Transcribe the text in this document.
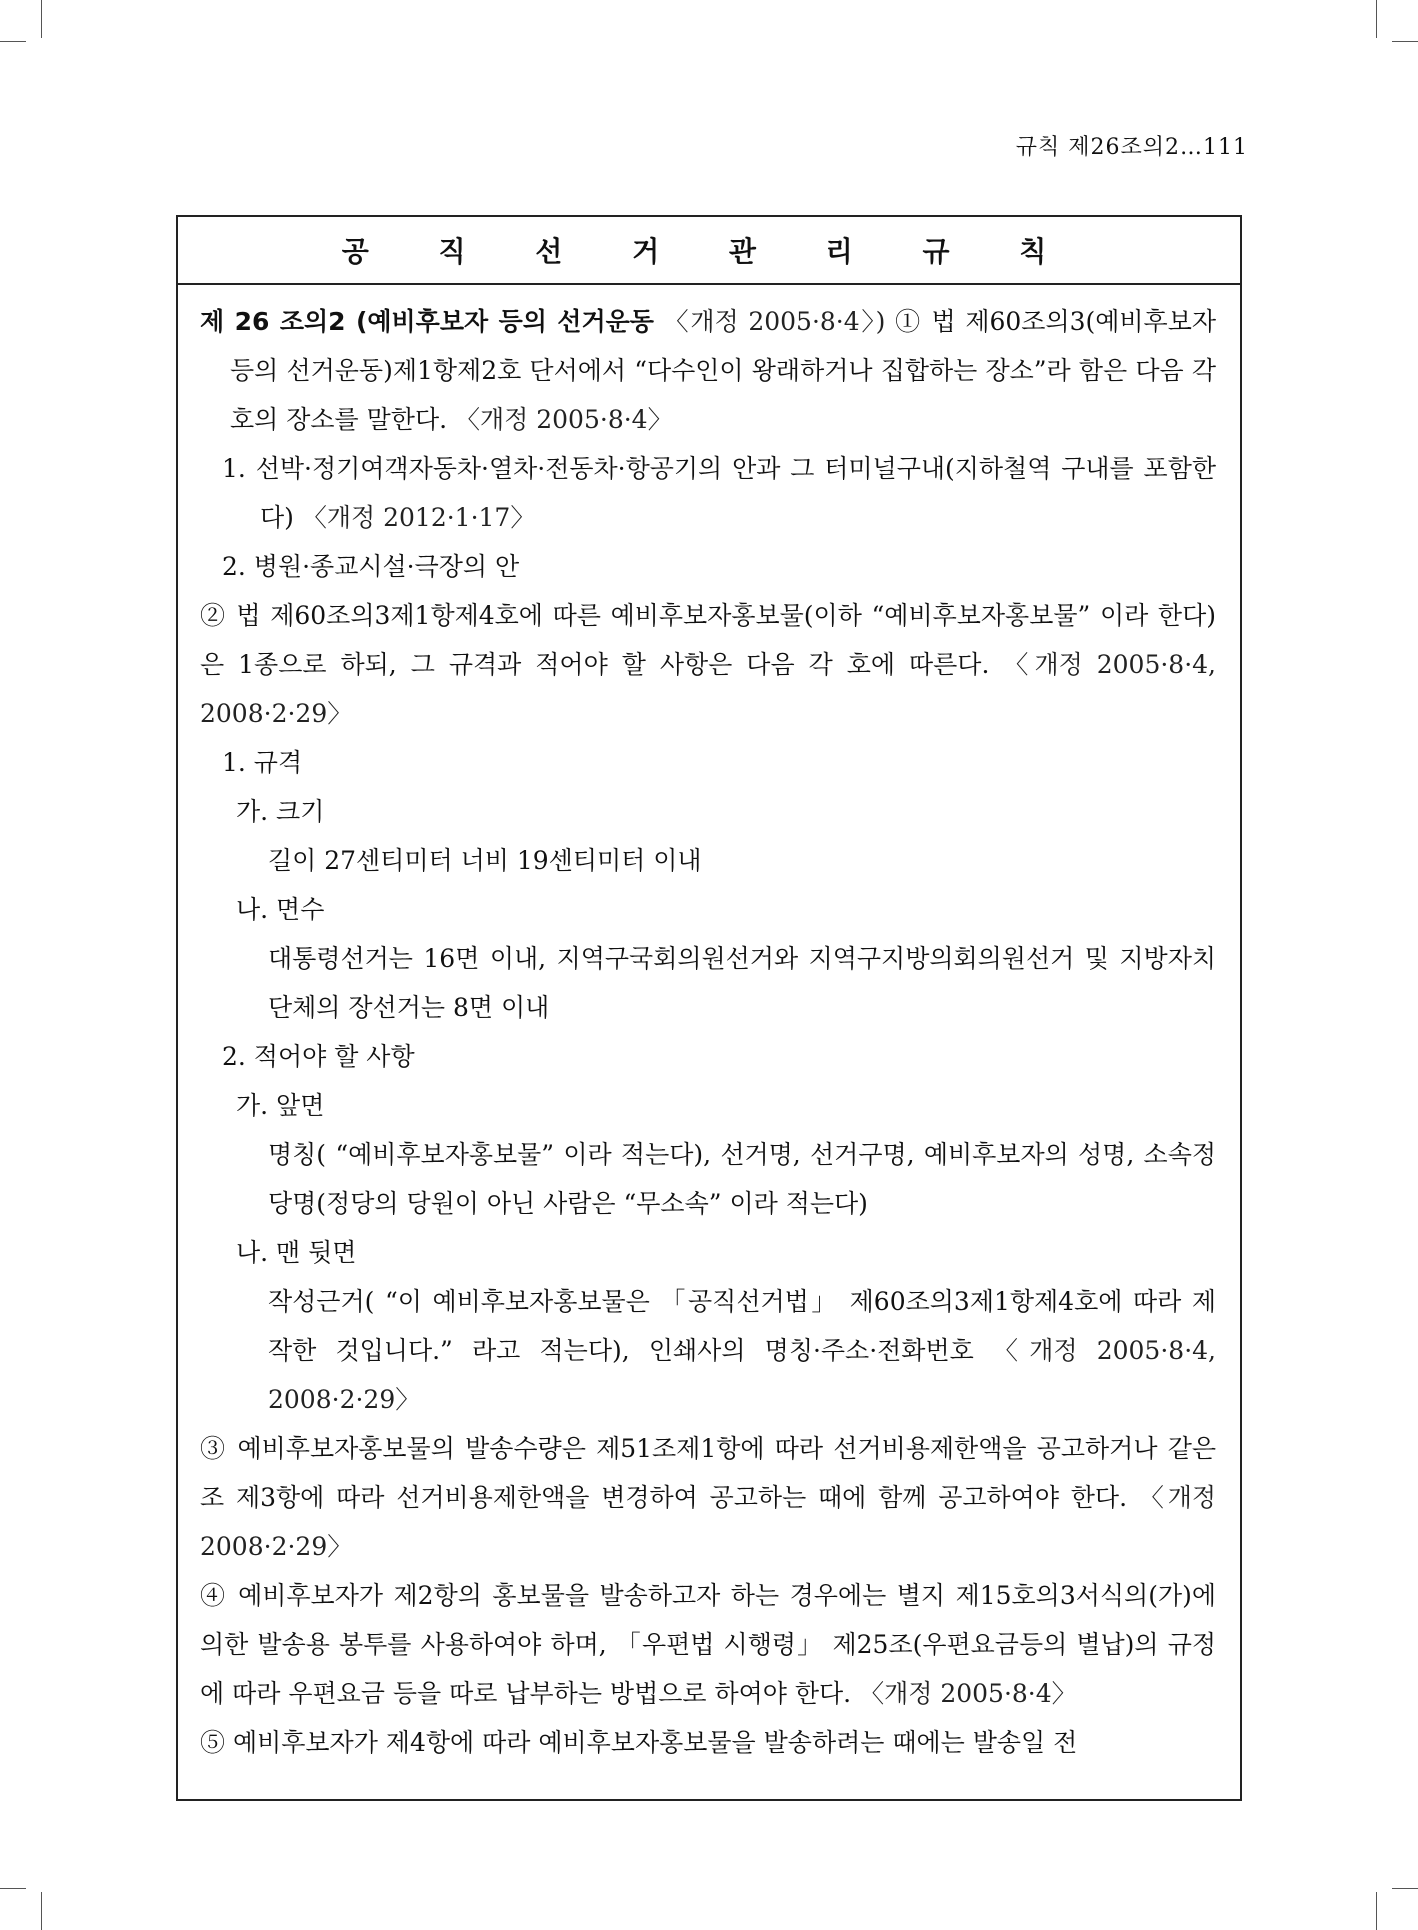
규칙 제26조의2…111
공 직 선 거 관 리 규 칙

제 26 조의2 (예비후보자 등의 선거운동 〈개정 2005·8·4〉) ① 법 제60조의3(예비후보자 등의 선거운동)제1항제2호 단서에서 “다수인이 왕래하거나 집합하는 장소”라 함은 다음 각호의 장소를 말한다. 〈개정 2005·8·4〉

1. 선박·정기여객자동차·열차·전동차·항공기의 안과 그 터미널구내(지하철역 구내를 포함한다) 〈개정 2012·1·17〉

2. 병원·종교시설·극장의 안

② 법 제60조의3제1항제4호에 따른 예비후보자홍보물(이하 “예비후보자홍보물” 이라 한다)은 1종으로 하되, 그 규격과 적어야 할 사항은 다음 각 호에 따른다. 〈개정 2005·8·4, 2008·2·29〉

1. 규격

가. 크기

길이 27센티미터 너비 19센티미터 이내

나. 면수

대통령선거는 16면 이내, 지역구국회의원선거와 지역구지방의회의원선거 및 지방자치단체의 장선거는 8면 이내

2. 적어야 할 사항

가. 앞면

명칭( “예비후보자홍보물” 이라 적는다), 선거명, 선거구명, 예비후보자의 성명, 소속정당명(정당의 당원이 아닌 사람은 “무소속” 이라 적는다)

나. 맨 뒷면

작성근거( “이 예비후보자홍보물은 「공직선거법」 제60조의3제1항제4호에 따라 제작한 것입니다.” 라고 적는다), 인쇄사의 명칭·주소·전화번호 〈개정 2005·8·4, 2008·2·29〉

③ 예비후보자홍보물의 발송수량은 제51조제1항에 따라 선거비용제한액을 공고하거나 같은 조 제3항에 따라 선거비용제한액을 변경하여 공고하는 때에 함께 공고하여야 한다. 〈개정 2008·2·29〉

④ 예비후보자가 제2항의 홍보물을 발송하고자 하는 경우에는 별지 제15호의3서식의(가)에 의한 발송용 봉투를 사용하여야 하며, 「우편법 시행령」 제25조(우편요금등의 별납)의 규정에 따라 우편요금 등을 따로 납부하는 방법으로 하여야 한다. 〈개정 2005·8·4〉

⑤ 예비후보자가 제4항에 따라 예비후보자홍보물을 발송하려는 때에는 발송일 전
